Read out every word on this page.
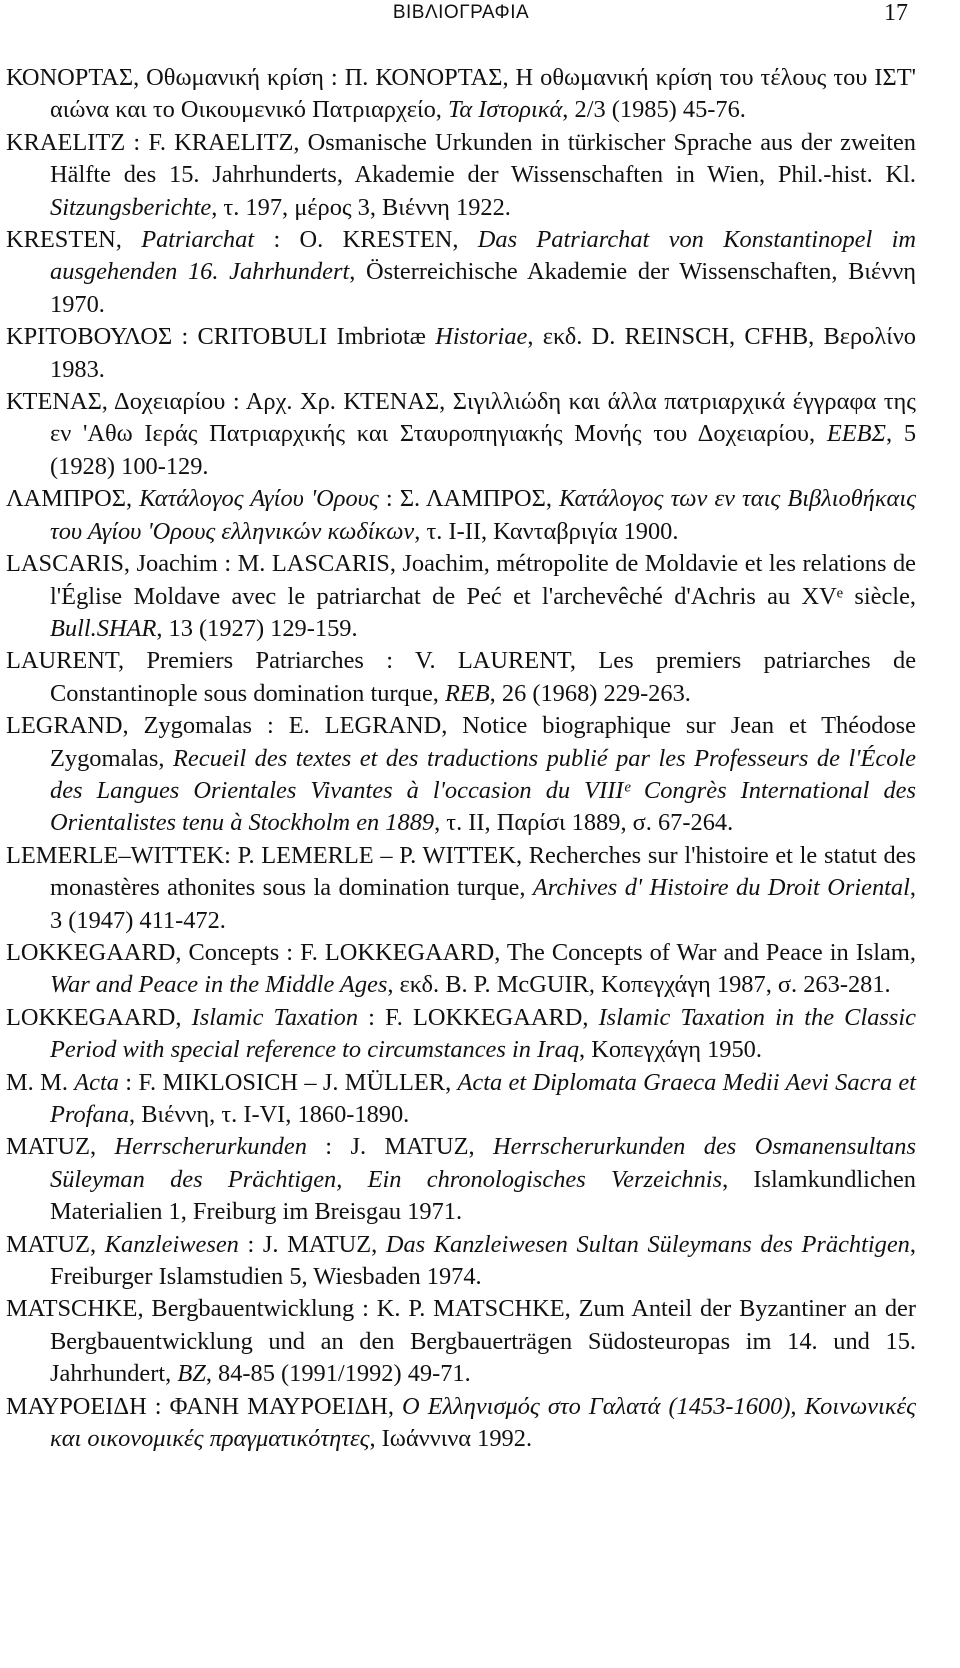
ΒΙΒΛΙΟΓΡΑΦΙΑ	17

ΚΟΝΟΡΤΑΣ, Οθωμανική κρίση : Π. ΚΟΝΟΡΤΑΣ, Η οθωμανική κρίση του τέλους του ΙΣΤ' αιώνα και το Οικουμενικό Πατριαρχείο, Τα Ιστορικά, 2/3 (1985) 45-76.

KRAELITZ : F. KRAELITZ, Osmanische Urkunden in türkischer Sprache aus der zweiten Hälfte des 15. Jahrhunderts, Akademie der Wissenschaften in Wien, Phil.-hist. Kl. Sitzungsberichte, τ. 197, μέρος 3, Βιέννη 1922.

KRESTEN, Patriarchat : O. KRESTEN, Das Patriarchat von Konstantinopel im ausgehenden 16. Jahrhundert, Österreichische Akademie der Wissenschaften, Βιέννη 1970.

ΚΡΙΤΟΒΟΥΛΟΣ : CRITOBULI Imbriotæ Historiae, εκδ. D. REINSCH, CFHB, Βερολίνο 1983.

ΚΤΕΝΑΣ, Δοχειαρίου : Αρχ. Χρ. ΚΤΕΝΑΣ, Σιγιλλιώδη και άλλα πατριαρχικά έγγραφα της εν 'Αθω Ιεράς Πατριαρχικής και Σταυροπηγιακής Μονής του Δοχειαρίου, ΕΕΒΣ, 5 (1928) 100-129.

ΛΑΜΠΡΟΣ, Κατάλογος Αγίου 'Ορους : Σ. ΛΑΜΠΡΟΣ, Κατάλογος των εν ταις Βιβλιοθήκαις του Αγίου 'Ορους ελληνικών κωδίκων, τ. Ι-ΙΙ, Κανταβριγία 1900.

LASCARIS, Joachim : M. LASCARIS, Joachim, métropolite de Moldavie et les relations de l'Église Moldave avec le patriarchat de Peć et l'archevêché d'Achris au XVᵉ siècle, Bull.SHAR, 13 (1927) 129-159.

LAURENT, Premiers Patriarches : V. LAURENT, Les premiers patriarches de Constantinople sous domination turque, REB, 26 (1968) 229-263.

LEGRAND, Zygomalas : E. LEGRAND, Notice biographique sur Jean et Théodose Zygomalas, Recueil des textes et des traductions publié par les Professeurs de l'École des Langues Orientales Vivantes à l'occasion du VIIIᵉ Congrès International des Orientalistes tenu à Stockholm en 1889, τ. ΙΙ, Παρίσι 1889, σ. 67-264.

LEMERLE–WITTEK: P. LEMERLE – P. WITTEK, Recherches sur l'histoire et le statut des monastères athonites sous la domination turque, Archives d' Histoire du Droit Oriental, 3 (1947) 411-472.

LOKKEGAARD, Concepts : F. LOKKEGAARD, The Concepts of War and Peace in Islam, War and Peace in the Middle Ages, εκδ. B. P. McGUIR, Κοπεγχάγη 1987, σ. 263-281.

LOKKEGAARD, Islamic Taxation : F. LOKKEGAARD, Islamic Taxation in the Classic Period with special reference to circumstances in Iraq, Κοπεγχάγη 1950.

M. M. Acta : F. MIKLOSICH – J. MÜLLER, Acta et Diplomata Graeca Medii Aevi Sacra et Profana, Βιέννη, τ. I-VI, 1860-1890.

MATUZ, Herrscherurkunden : J. MATUZ, Herrscherurkunden des Osmanensultans Süleyman des Prächtigen, Ein chronologisches Verzeichnis, Islamkundlichen Materialien 1, Freiburg im Breisgau 1971.

MATUZ, Kanzleiwesen : J. MATUZ, Das Kanzleiwesen Sultan Süleymans des Prächtigen, Freiburger Islamstudien 5, Wiesbaden 1974.

MATSCHKE, Bergbauentwicklung : K. P. MATSCHKE, Zum Anteil der Byzantiner an der Bergbauentwicklung und an den Bergbauerträgen Südosteuropas im 14. und 15. Jahrhundert, BZ, 84-85 (1991/1992) 49-71.

ΜΑΥΡΟΕΙΔΗ : ΦΑΝΗ ΜΑΥΡΟΕΙΔΗ, Ο Ελληνισμός στο Γαλατά (1453-1600), Κοινωνικές και οικονομικές πραγματικότητες, Ιωάννινα 1992.
